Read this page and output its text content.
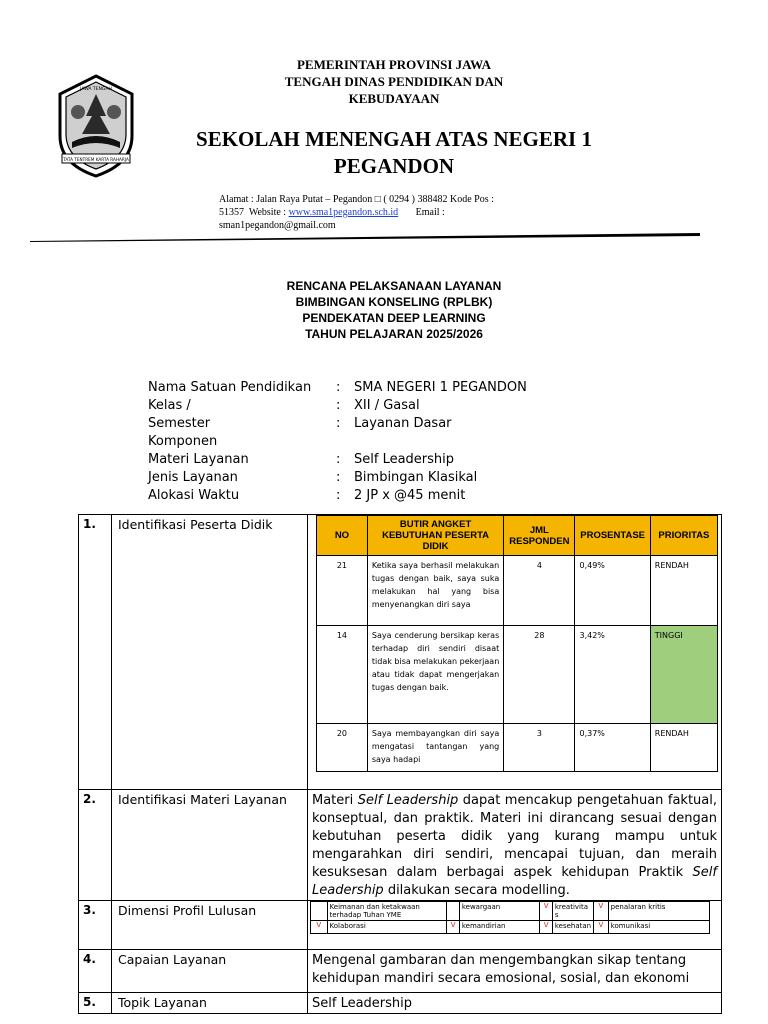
TATA TENTREM KARTA RAHARJA
JAWA TENGAH
PEMERINTAH PROVINSI JAWA
TENGAH DINAS PENDIDIKAN DAN
KEBUDAYAAN
SEKOLAH MENENGAH ATAS NEGERI 1
PEGANDON
Alamat : Jalan Raya Putat – Pegandon □ ( 0294 ) 388482 Kode Pos :
51357  Website : www.sma1pegandon.sch.id       Email :
sman1pegandon@gmail.com
RENCANA PELAKSANAAN LAYANAN
BIMBINGAN KONSELING (RPLBK)
PENDEKATAN DEEP LEARNING
TAHUN PELAJARAN 2025/2026
Nama Satuan Pendidikan	: SMA NEGERI 1 PEGANDON
Kelas /	: XII / Gasal
Semester	: Layanan Dasar
Komponen
Materi Layanan	: Self Leadership
Jenis Layanan	: Bimbingan Klasikal
Alokasi Waktu	: 2 JP x @45 menit
1.	Identifikasi Peserta Didik	
NO	BUTIR ANGKET KEBUTUHAN PESERTA DIDIK	JML RESPONDEN	PROSENTASE	PRIORITAS
21	Ketika saya berhasil melakukan tugas dengan baik, saya suka melakukan hal yang bisa menyenangkan diri saya	4	0,49%	RENDAH
14	Saya cenderung bersikap keras terhadap diri sendiri disaat tidak bisa melakukan pekerjaan atau tidak dapat mengerjakan tugas dengan baik.	28	3,42%	TINGGI
20	Saya membayangkan diri saya mengatasi tantangan yang saya hadapi	3	0,37%	RENDAH

2.	Identifikasi Materi Layanan	Materi Self Leadership dapat mencakup pengetahuan faktual, konseptual, dan praktik. Materi ini dirancang sesuai dengan kebutuhan peserta didik yang kurang mampu untuk mengarahkan diri sendiri, mencapai tujuan, dan meraih kesuksesan dalam berbagai aspek kehidupan Praktik Self Leadership dilakukan secara modelling.

3.	Dimensi Profil Lulusan	
		Keimanan dan ketakwaan terhadap Tuhan YME		kewargaan	V	kreativitas	V	penalaran kritis
V	Kolaborasi	V	kemandirian	V	kesehatan	V	komunikasi

4.	Capaian Layanan	Mengenal gambaran dan mengembangkan sikap tentang kehidupan mandiri secara emosional, sosial, dan ekonomi

5.	Topik Layanan	Self Leadership
